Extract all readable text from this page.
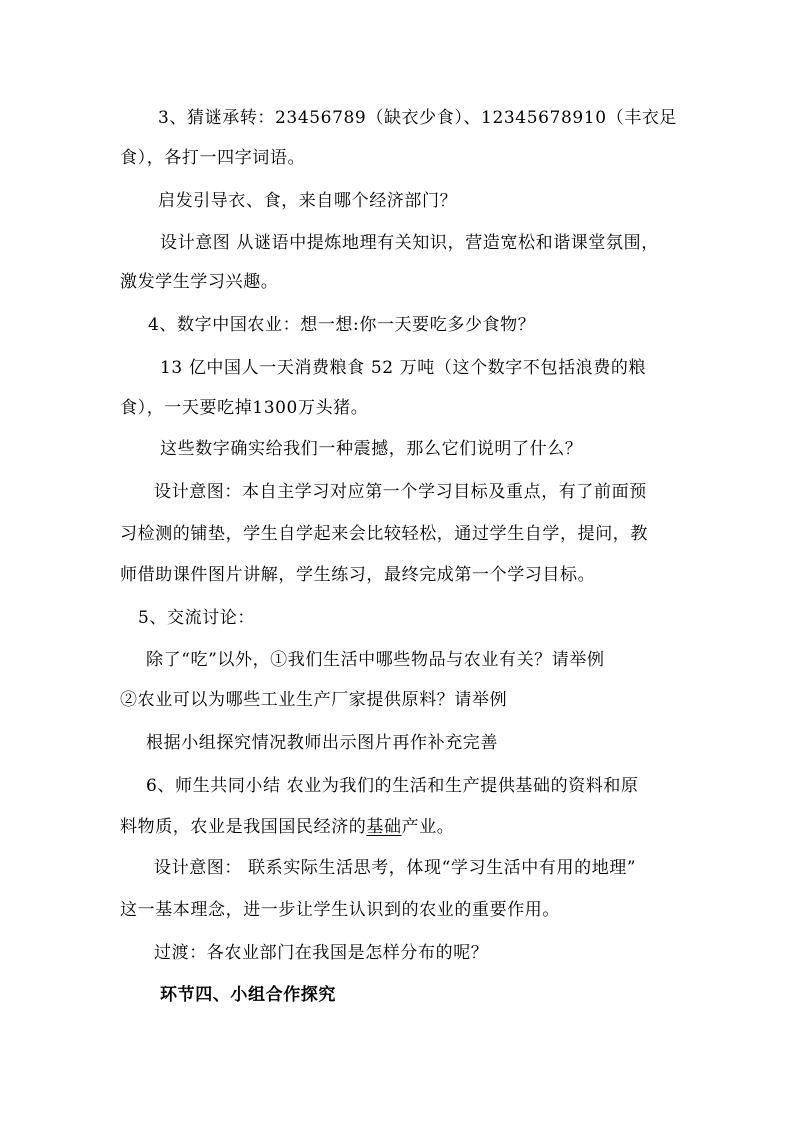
3、猜谜承转：23456789（缺衣少食）、12345678910（丰衣足
食），各打一四字词语。
启发引导衣、食，来自哪个经济部门？
设计意图 从谜语中提炼地理有关知识，营造宽松和谐课堂氛围，
激发学生学习兴趣。
4、数字中国农业：想一想:你一天要吃多少食物？
13 亿中国人一天消费粮食 52 万吨（这个数字不包括浪费的粮
食），一天要吃掉1300万头猪。
这些数字确实给我们一种震撼，那么它们说明了什么？
设计意图：本自主学习对应第一个学习目标及重点，有了前面预
习检测的铺垫，学生自学起来会比较轻松，通过学生自学，提问，教
师借助课件图片讲解，学生练习，最终完成第一个学习目标。
5、交流讨论：
除了“吃”以外，①我们生活中哪些物品与农业有关？请举例
②农业可以为哪些工业生产厂家提供原料？请举例
根据小组探究情况教师出示图片再作补充完善
6、师生共同小结 农业为我们的生活和生产提供基础的资料和原
料物质，农业是我国国民经济的基础产业。
设计意图： 联系实际生活思考，体现“学习生活中有用的地理”
这一基本理念，进一步让学生认识到的农业的重要作用。
过渡：各农业部门在我国是怎样分布的呢？
环节四、小组合作探究
